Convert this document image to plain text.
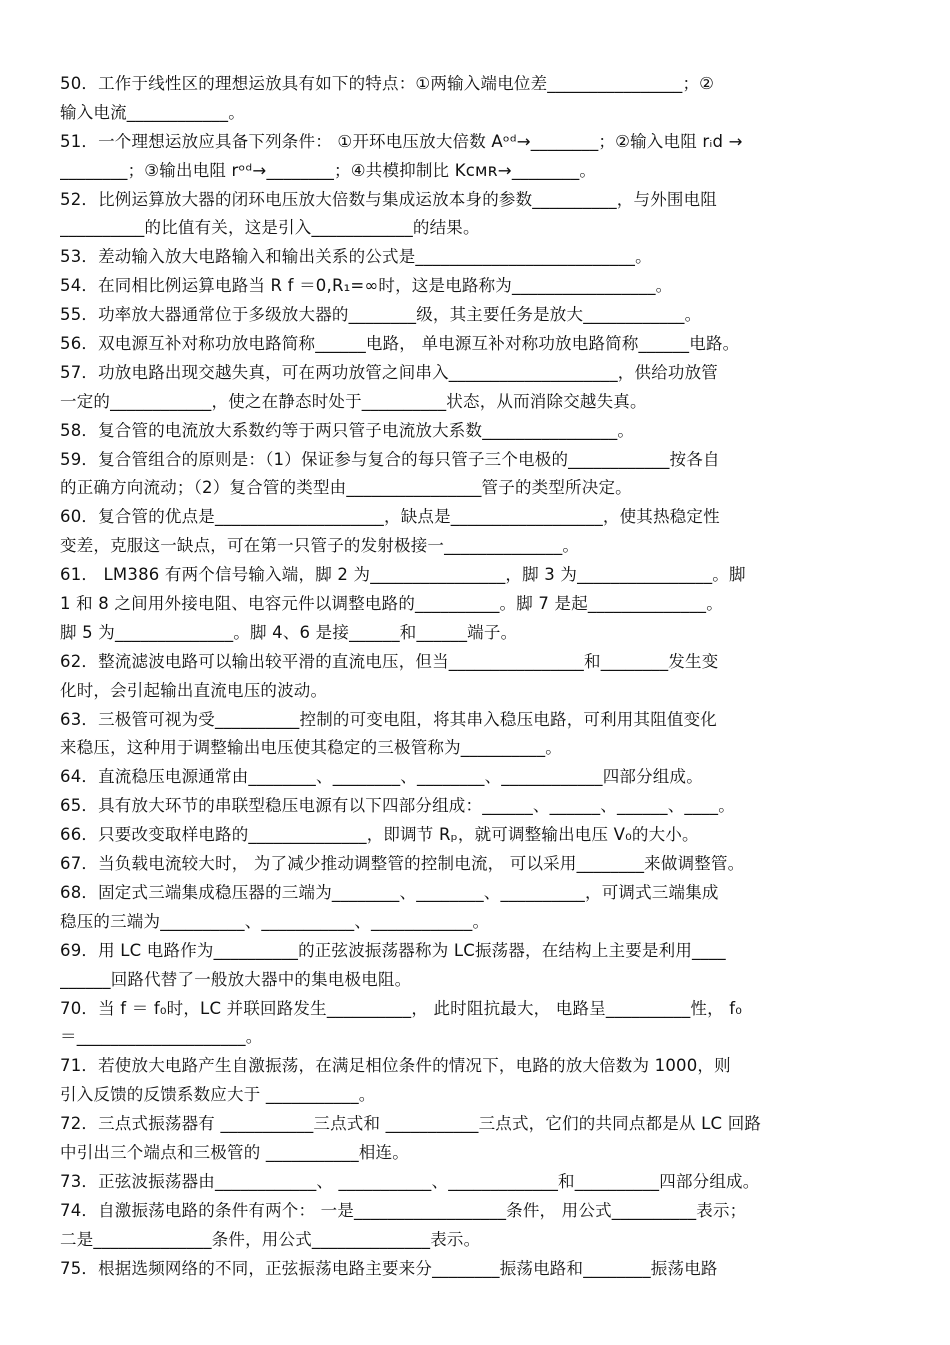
50．工作于线性区的理想运放具有如下的特点：①两输入端电位差________________；②
输入电流____________。
51．一个理想运放应具备下列条件： ①开环电压放大倍数 Aᵒᵈ→________；②输入电阻 rᵢd →
________；③输出电阻 rᵒᵈ→________；④共模抑制比 Kᴄᴍʀ→________。
52．比例运算放大器的闭环电压放大倍数与集成运放本身的参数__________，与外围电阻
__________的比值有关，这是引入____________的结果。
53．差动输入放大电路输入和输出关系的公式是__________________________。
54．在同相比例运算电路当 R f ＝0,R₁=∞时，这是电路称为_________________。
55．功率放大器通常位于多级放大器的________级，其主要任务是放大____________。
56．双电源互补对称功放电路简称______电路， 单电源互补对称功放电路简称______电路。
57．功放电路出现交越失真，可在两功放管之间串入____________________，供给功放管
一定的____________，使之在静态时处于__________状态，从而消除交越失真。
58．复合管的电流放大系数约等于两只管子电流放大系数________________。
59．复合管组合的原则是：（1）保证参与复合的每只管子三个电极的____________按各自
的正确方向流动；（2）复合管的类型由________________管子的类型所决定。
60．复合管的优点是____________________，缺点是__________________，使其热稳定性
变差，克服这一缺点，可在第一只管子的发射极接一______________。
61． LM386 有两个信号输入端，脚 2 为________________，脚 3 为________________。脚
1 和 8 之间用外接电阻、电容元件以调整电路的__________。脚 7 是起______________。
脚 5 为______________。脚 4、6 是接______和______端子。
62．整流滤波电路可以输出较平滑的直流电压，但当________________和________发生变
化时，会引起输出直流电压的波动。
63．三极管可视为受__________控制的可变电阻，将其串入稳压电路，可利用其阻值变化
来稳压，这种用于调整输出电压使其稳定的三极管称为__________。
64．直流稳压电源通常由________、________、________、____________四部分组成。
65．具有放大环节的串联型稳压电源有以下四部分组成：______、______、______、____。
66．只要改变取样电路的______________，即调节 Rₚ，就可调整输出电压 V₀的大小。
67．当负载电流较大时， 为了减少推动调整管的控制电流， 可以采用________来做调整管。
68．固定式三端集成稳压器的三端为________、________、__________，可调式三端集成
稳压的三端为__________、___________、____________。
69．用 LC 电路作为__________的正弦波振荡器称为 LC振荡器，在结构上主要是利用____
______回路代替了一般放大器中的集电极电阻。
70．当 f ＝ f₀时，LC 并联回路发生__________， 此时阻抗最大， 电路呈__________性， f₀
＝____________________。
71．若使放大电路产生自激振荡，在满足相位条件的情况下，电路的放大倍数为 1000，则
引入反馈的反馈系数应大于 ___________。
72．三点式振荡器有 ___________三点式和 ___________三点式，它们的共同点都是从 LC 回路
中引出三个端点和三极管的 ___________相连。
73．正弦波振荡器由____________、 ___________、_____________和__________四部分组成。
74．自激振荡电路的条件有两个： 一是__________________条件， 用公式__________表示；
二是______________条件，用公式______________表示。
75．根据选频网络的不同，正弦振荡电路主要来分________振荡电路和________振荡电路
